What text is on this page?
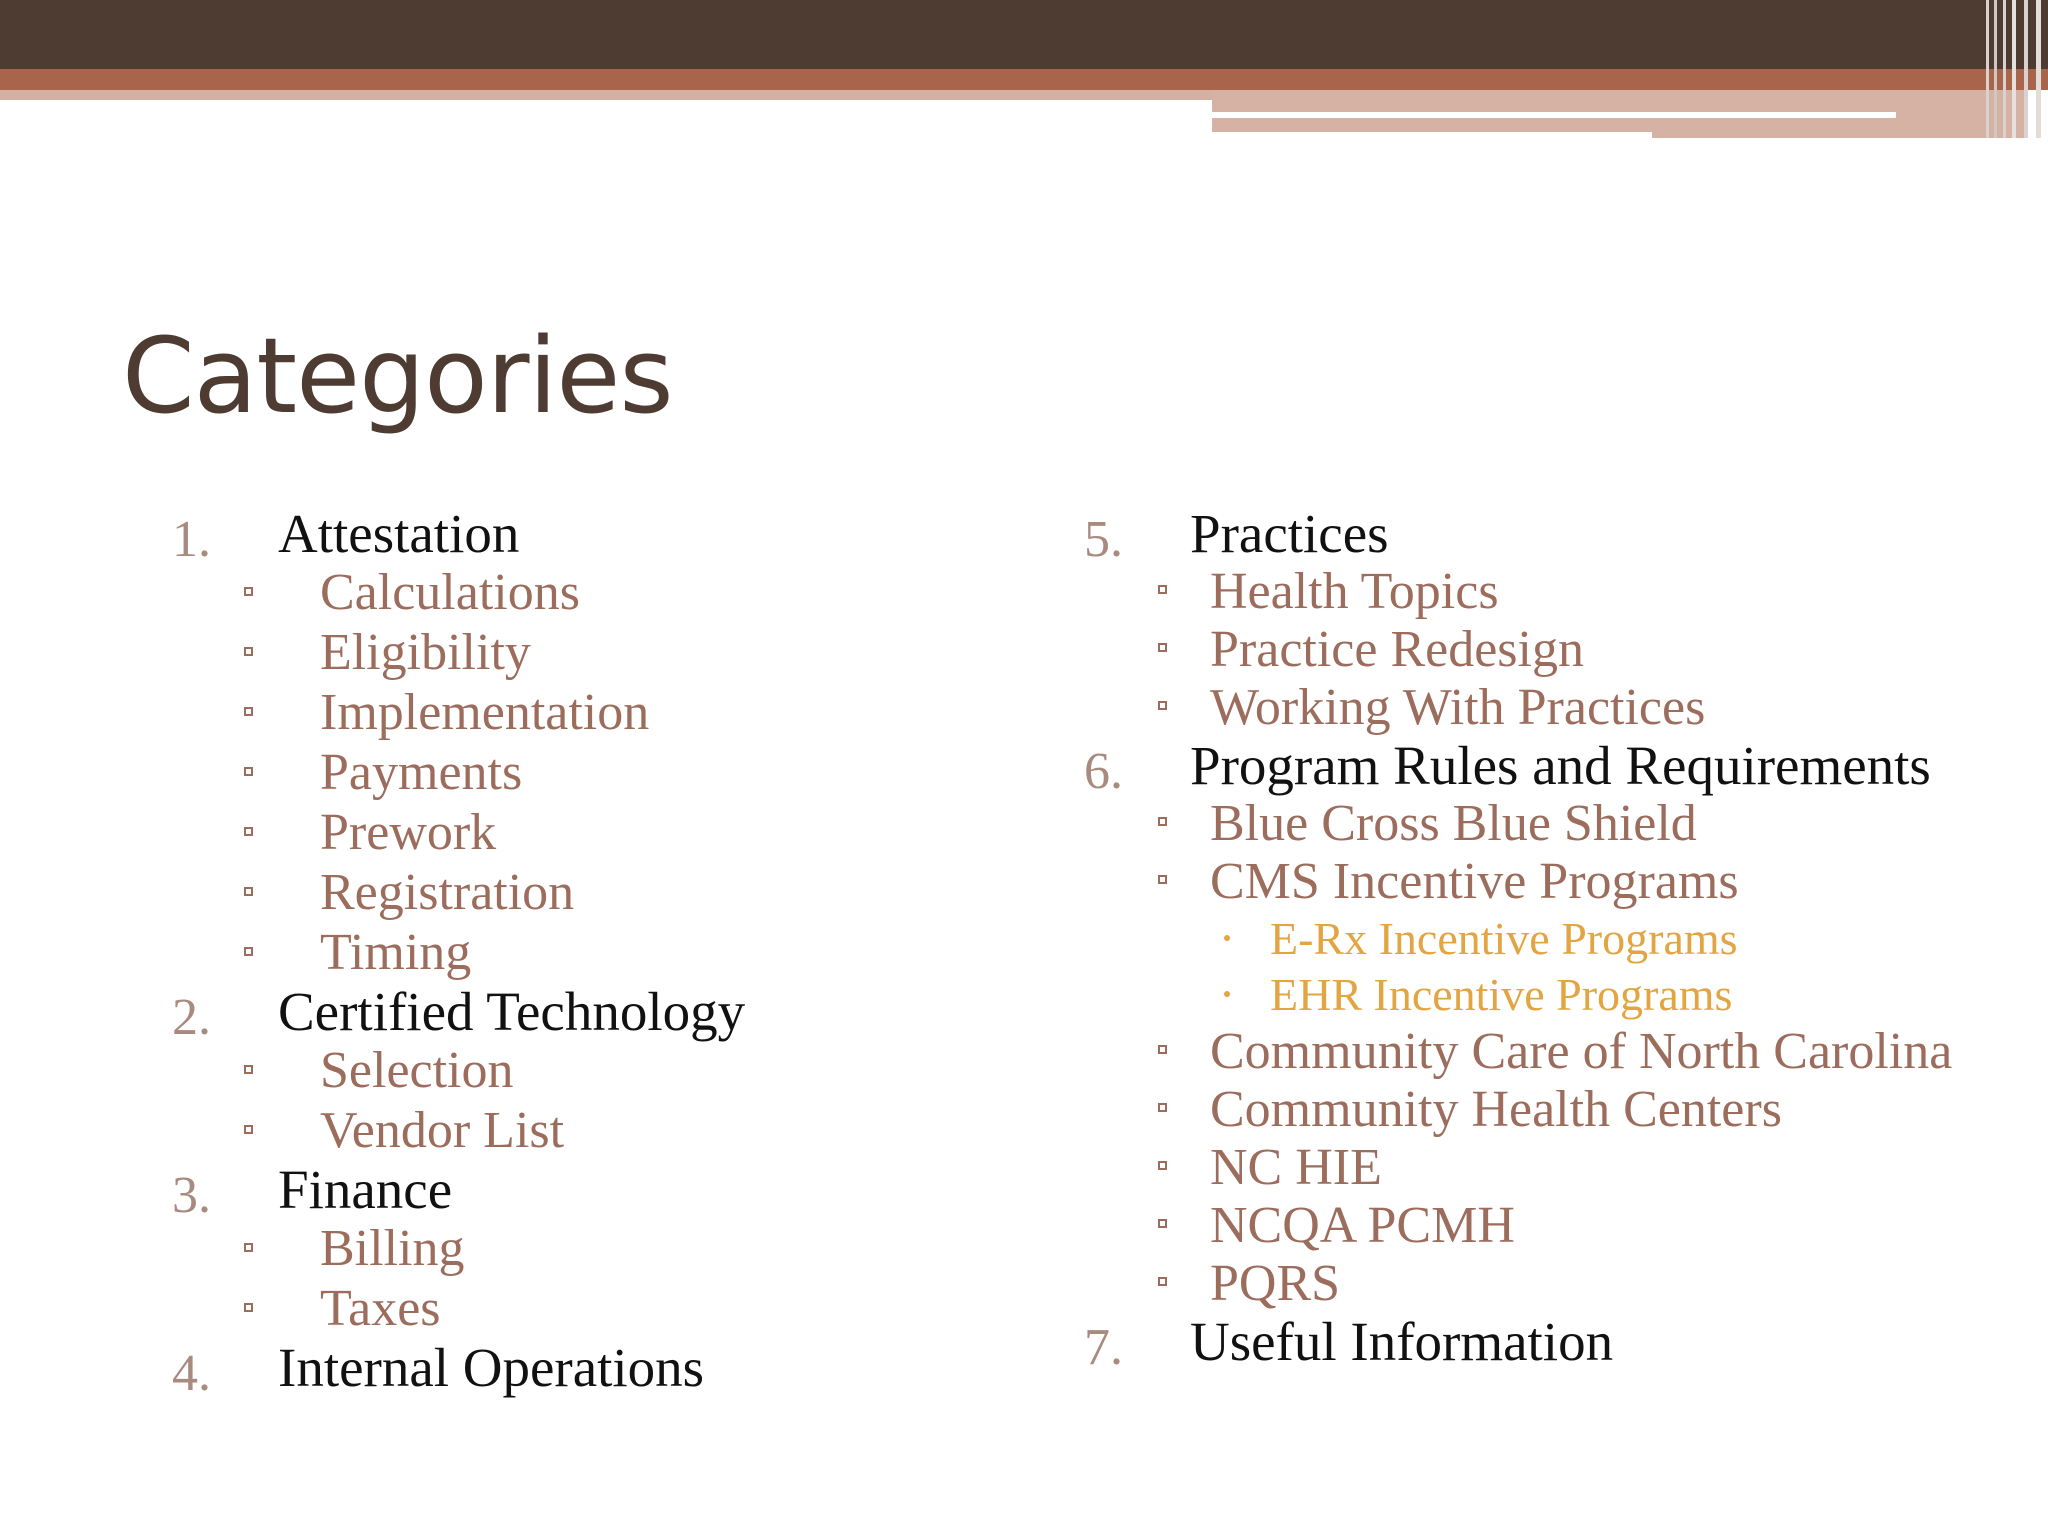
Categories
1. Attestation
Calculations
Eligibility
Implementation
Payments
Prework
Registration
Timing
2. Certified Technology
Selection
Vendor List
3. Finance
Billing
Taxes
4. Internal Operations
5. Practices
Health Topics
Practice Redesign
Working With Practices
6. Program Rules and Requirements
Blue Cross Blue Shield
CMS Incentive Programs
E-Rx Incentive Programs
EHR Incentive Programs
Community Care of North Carolina
Community Health Centers
NC HIE
NCQA PCMH
PQRS
7. Useful Information
